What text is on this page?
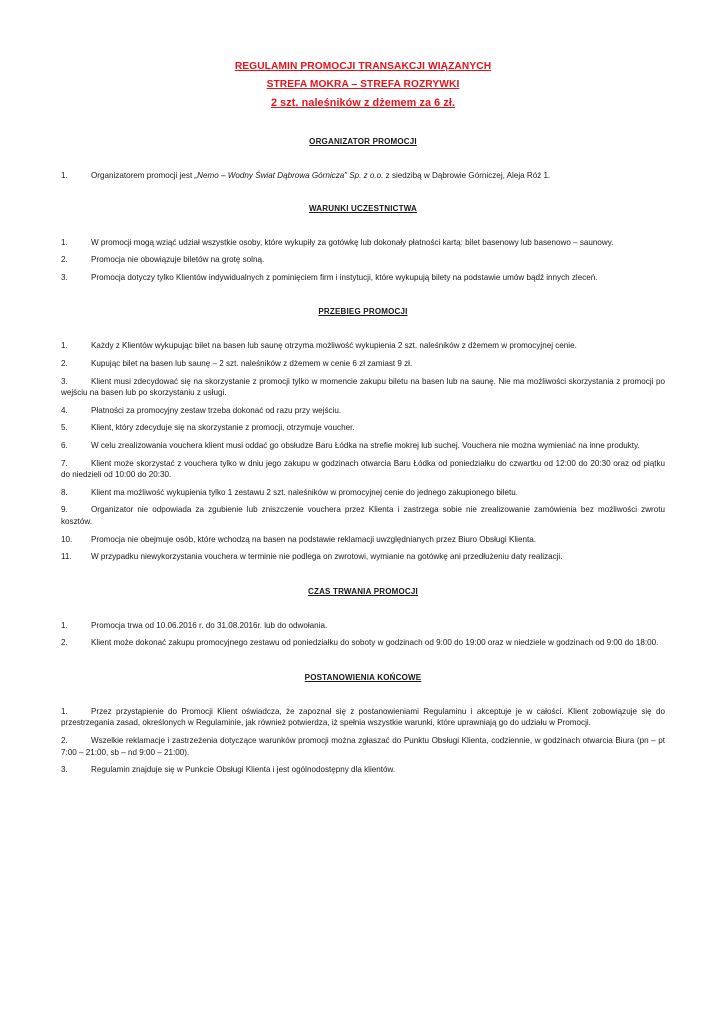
REGULAMIN PROMOCJI TRANSAKCJI WIĄZANYCH
STREFA MOKRA – STREFA ROZRYWKI
2 szt. naleśników z dżemem za 6 zł.
ORGANIZATOR PROMOCJI
1.	Organizatorem promocji jest „Nemo – Wodny Świat Dąbrowa Górnicza” Sp. z o.o. z siedzibą w Dąbrowie Górniczej, Aleja Róż 1.
WARUNKI UCZESTNICTWA
1.	W promocji mogą wziąć udział wszystkie osoby, które wykupiły za gotówkę lub dokonały płatności kartą: bilet basenowy lub basenowo – saunowy.
2.	Promocja nie obowiązuje biletów na grotę solną.
3.	Promocja dotyczy tylko Klientów indywidualnych z pominięciem firm i instytucji, które wykupują bilety na podstawie umów bądź innych zleceń.
PRZEBIEG PROMOCJI
1.	Każdy z Klientów wykupując bilet na basen lub saunę otrzyma możliwość wykupienia 2 szt. naleśników z dżemem w promocyjnej cenie.
2.	Kupując bilet na basen lub saunę – 2 szt. naleśników z dżemem w cenie 6 zł zamiast 9 zł.
3.	Klient musi zdecydować się na skorzystanie z promocji tylko w momencie zakupu biletu na basen lub na saunę. Nie ma możliwości skorzystania z promocji po wejściu na basen lub po skorzystaniu z usługi.
4.	Płatności za promocyjny zestaw trzeba dokonać od razu przy wejściu.
5.	Klient, który zdecyduje się na skorzystanie z promocji, otrzymuje voucher.
6.	W celu zrealizowania vouchera klient musi oddać go obsłudze Baru Łódka na strefie mokrej lub suchej. Vouchera nie można wymieniać na inne produkty.
7.	Klient może skorzystać z vouchera tylko w dniu jego zakupu w godzinach otwarcia Baru Łódka od poniedziałku do czwartku od 12:00 do 20:30 oraz od piątku do niedzieli od 10:00 do 20:30.
8.	Klient ma możliwość wykupienia tylko 1 zestawu 2 szt. naleśników w promocyjnej cenie do jednego zakupionego biletu.
9.	Organizator nie odpowiada za zgubienie lub zniszczenie vouchera przez Klienta i zastrzega sobie nie zrealizowanie zamówienia bez możliwości zwrotu kosztów.
10. Promocja nie obejmuje osób, które wchodzą na basen na podstawie reklamacji uwzględnianych przez Biuro Obsługi Klienta.
11. W przypadku niewykorzystania vouchera w terminie nie podlega on zwrotowi, wymianie na gotówkę ani przedłużeniu daty realizacji.
CZAS TRWANIA PROMOCJI
1.	Promocja trwa od 10.06.2016 r. do 31.08.2016r. lub do odwołania.
2.	Klient może dokonać zakupu promocyjnego zestawu od poniedziałku do soboty w godzinach od 9:00 do 19:00 oraz w niedziele w godzinach od 9:00 do 18:00.
POSTANOWIENIA KOŃCOWE
1.	Przez przystąpienie do Promocji Klient oświadcza, że zapoznał się z postanowieniami Regulaminu i akceptuje je w całości. Klient zobowiązuje się do przestrzegania zasad, określonych w Regulaminie, jak również potwierdza, iż spełnia wszystkie warunki, które uprawniają go do udziału w Promocji.
2.	Wszelkie reklamacje i zastrzeżenia dotyczące warunków promocji można zgłaszać do Punktu Obsługi Klienta, codziennie, w godzinach otwarcia Biura (pn – pt 7:00 – 21:00, sb – nd 9:00 – 21:00).
3.	Regulamin znajduje się w Punkcie Obsługi Klienta i jest ogólnodostępny dla klientów.
